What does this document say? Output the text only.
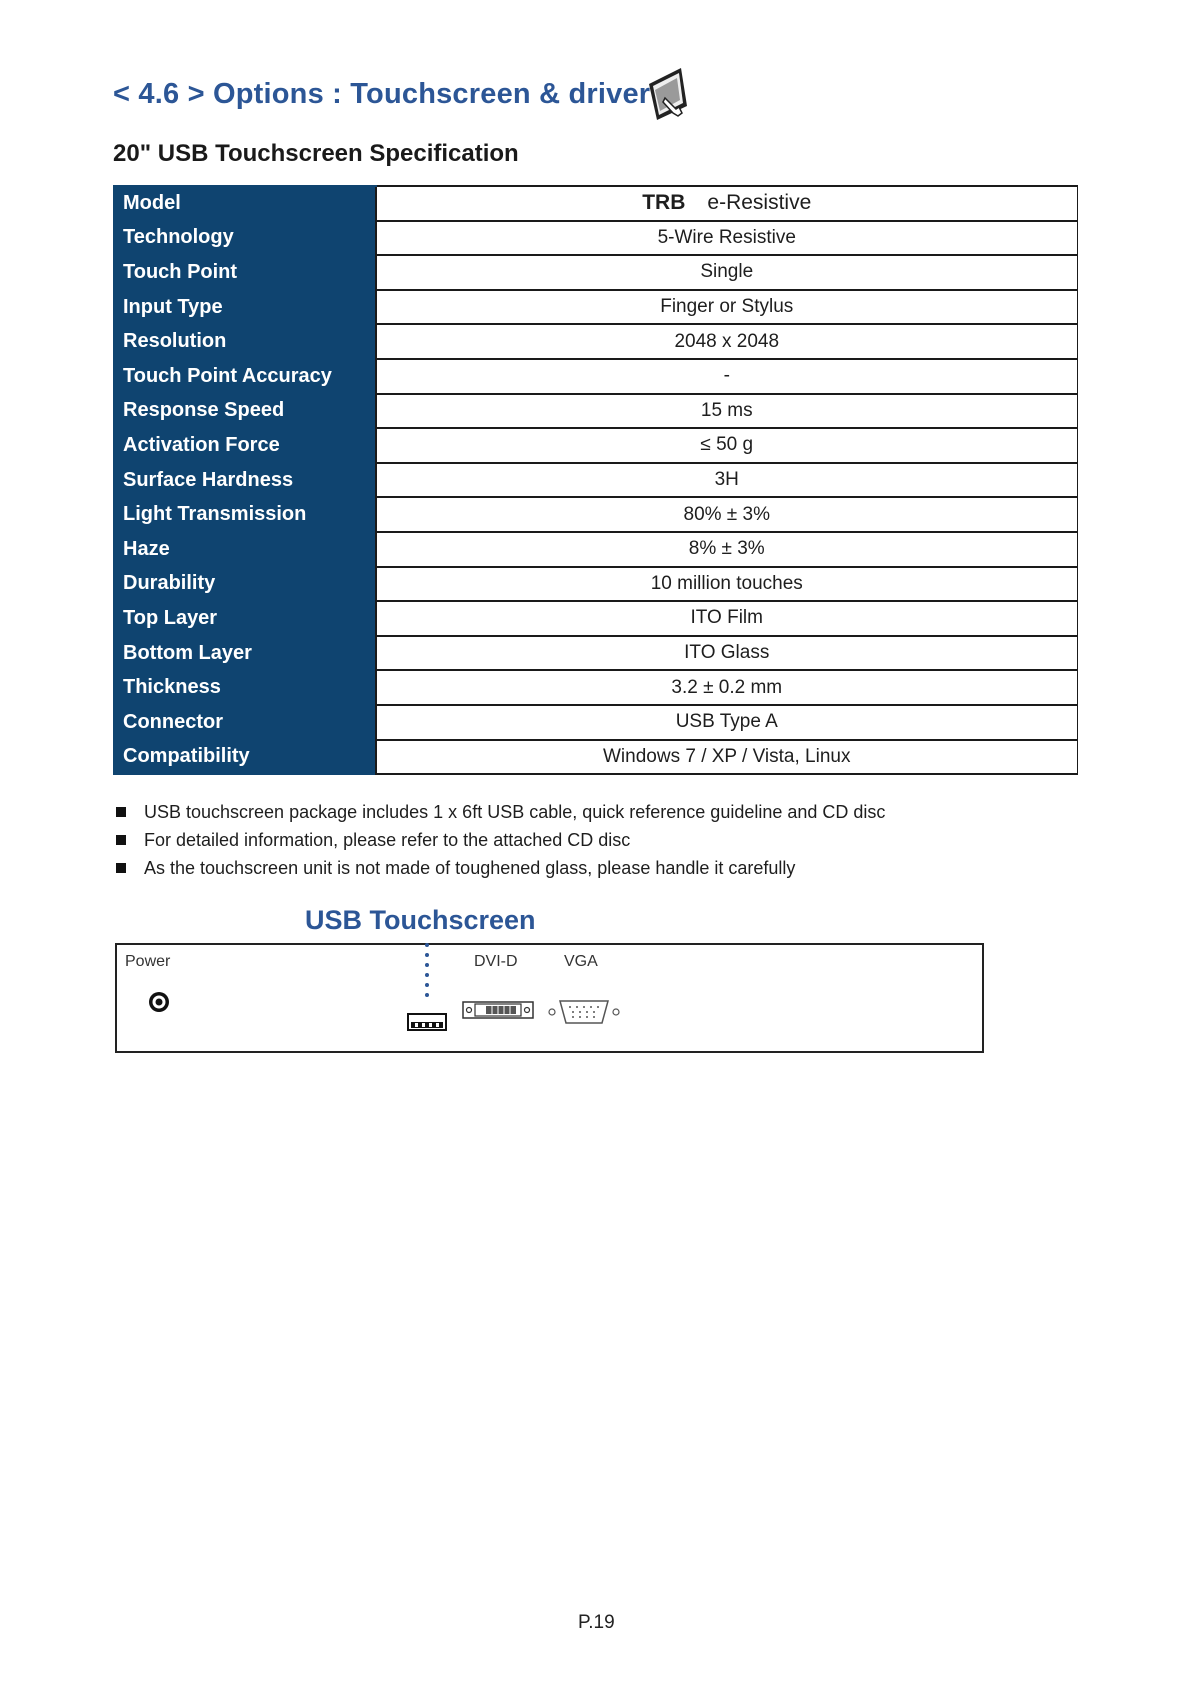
< 4.6 > Options : Touchscreen & driver
20" USB Touchscreen Specification
Model	TRB e-Resistive
Technology	5-Wire Resistive
Touch Point	Single
Input Type	Finger or Stylus
Resolution	2048 x 2048
Touch Point Accuracy	-
Response Speed	15 ms
Activation Force	≤ 50 g
Surface Hardness	3H
Light Transmission	80% ± 3%
Haze	8% ± 3%
Durability	10 million touches
Top Layer	ITO Film
Bottom Layer	ITO Glass
Thickness	3.2 ± 0.2 mm
Connector	USB Type A
Compatibility	Windows 7 / XP / Vista, Linux
USB touchscreen package includes 1 x 6ft USB cable, quick reference guideline and CD disc
For detailed information, please refer to the attached CD disc
As the touchscreen unit is not made of toughened glass, please handle it carefully
USB Touchscreen
Power	DVI-D	VGA
P.19
